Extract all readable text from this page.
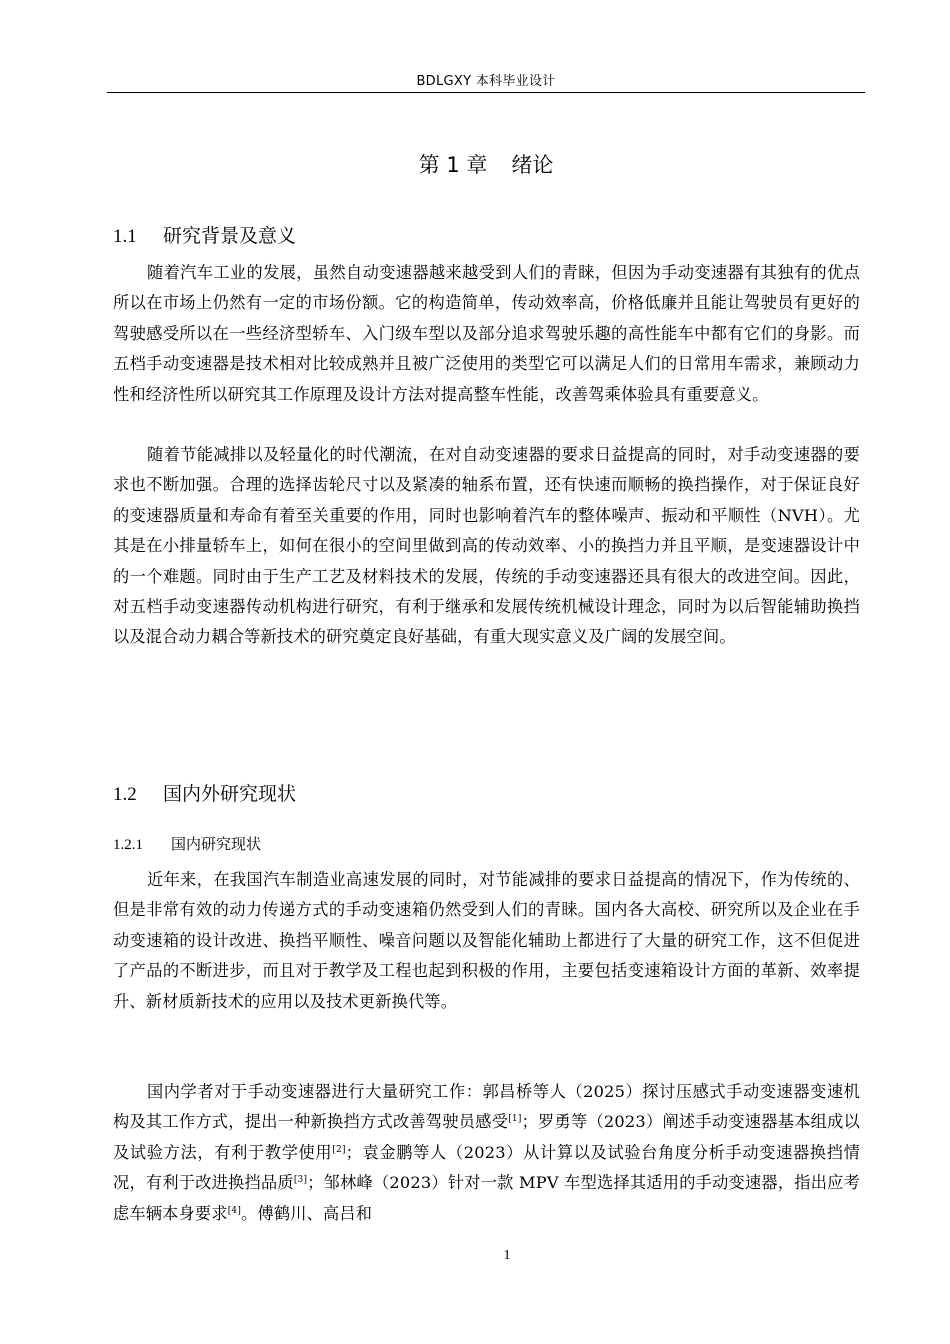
BDLGXY 本科毕业设计
第 1 章 绪论
1.1 研究背景及意义

随着汽车工业的发展，虽然自动变速器越来越受到人们的青睐，但因为手动变速器有其独有的优点所以在市场上仍然有一定的市场份额。它的构造简单，传动效率高，价格低廉并且能让驾驶员有更好的驾驶感受所以在一些经济型轿车、入门级车型以及部分追求驾驶乐趣的高性能车中都有它们的身影。而五档手动变速器是技术相对比较成熟并且被广泛使用的类型它可以满足人们的日常用车需求，兼顾动力性和经济性所以研究其工作原理及设计方法对提高整车性能，改善驾乘体验具有重要意义。

随着节能减排以及轻量化的时代潮流，在对自动变速器的要求日益提高的同时，对手动变速器的要求也不断加强。合理的选择齿轮尺寸以及紧凑的轴系布置，还有快速而顺畅的换挡操作，对于保证良好的变速器质量和寿命有着至关重要的作用，同时也影响着汽车的整体噪声、振动和平顺性（NVH）。尤其是在小排量轿车上，如何在很小的空间里做到高的传动效率、小的换挡力并且平顺，是变速器设计中的一个难题。同时由于生产工艺及材料技术的发展，传统的手动变速器还具有很大的改进空间。因此，对五档手动变速器传动机构进行研究，有利于继承和发展传统机械设计理念，同时为以后智能辅助换挡以及混合动力耦合等新技术的研究奠定良好基础，有重大现实意义及广阔的发展空间。

1.2 国内外研究现状
1.2.1 国内研究现状

近年来，在我国汽车制造业高速发展的同时，对节能减排的要求日益提高的情况下，作为传统的、但是非常有效的动力传递方式的手动变速箱仍然受到人们的青睐。国内各大高校、研究所以及企业在手动变速箱的设计改进、换挡平顺性、噪音问题以及智能化辅助上都进行了大量的研究工作，这不但促进了产品的不断进步，而且对于教学及工程也起到积极的作用，主要包括变速箱设计方面的革新、效率提升、新材质新技术的应用以及技术更新换代等。

国内学者对于手动变速器进行大量研究工作：郭昌桥等人（2025）探讨压感式手动变速器变速机构及其工作方式，提出一种新换挡方式改善驾驶员感受[1]；罗勇等（2023）阐述手动变速器基本组成以及试验方法，有利于教学使用[2]；袁金鹏等人（2023）从计算以及试验台角度分析手动变速器换挡情况，有利于改进换挡品质[3]；邹林峰（2023）针对一款 MPV 车型选择其适用的手动变速器，指出应考虑车辆本身要求[4]。傅鹤川、高吕和

1
